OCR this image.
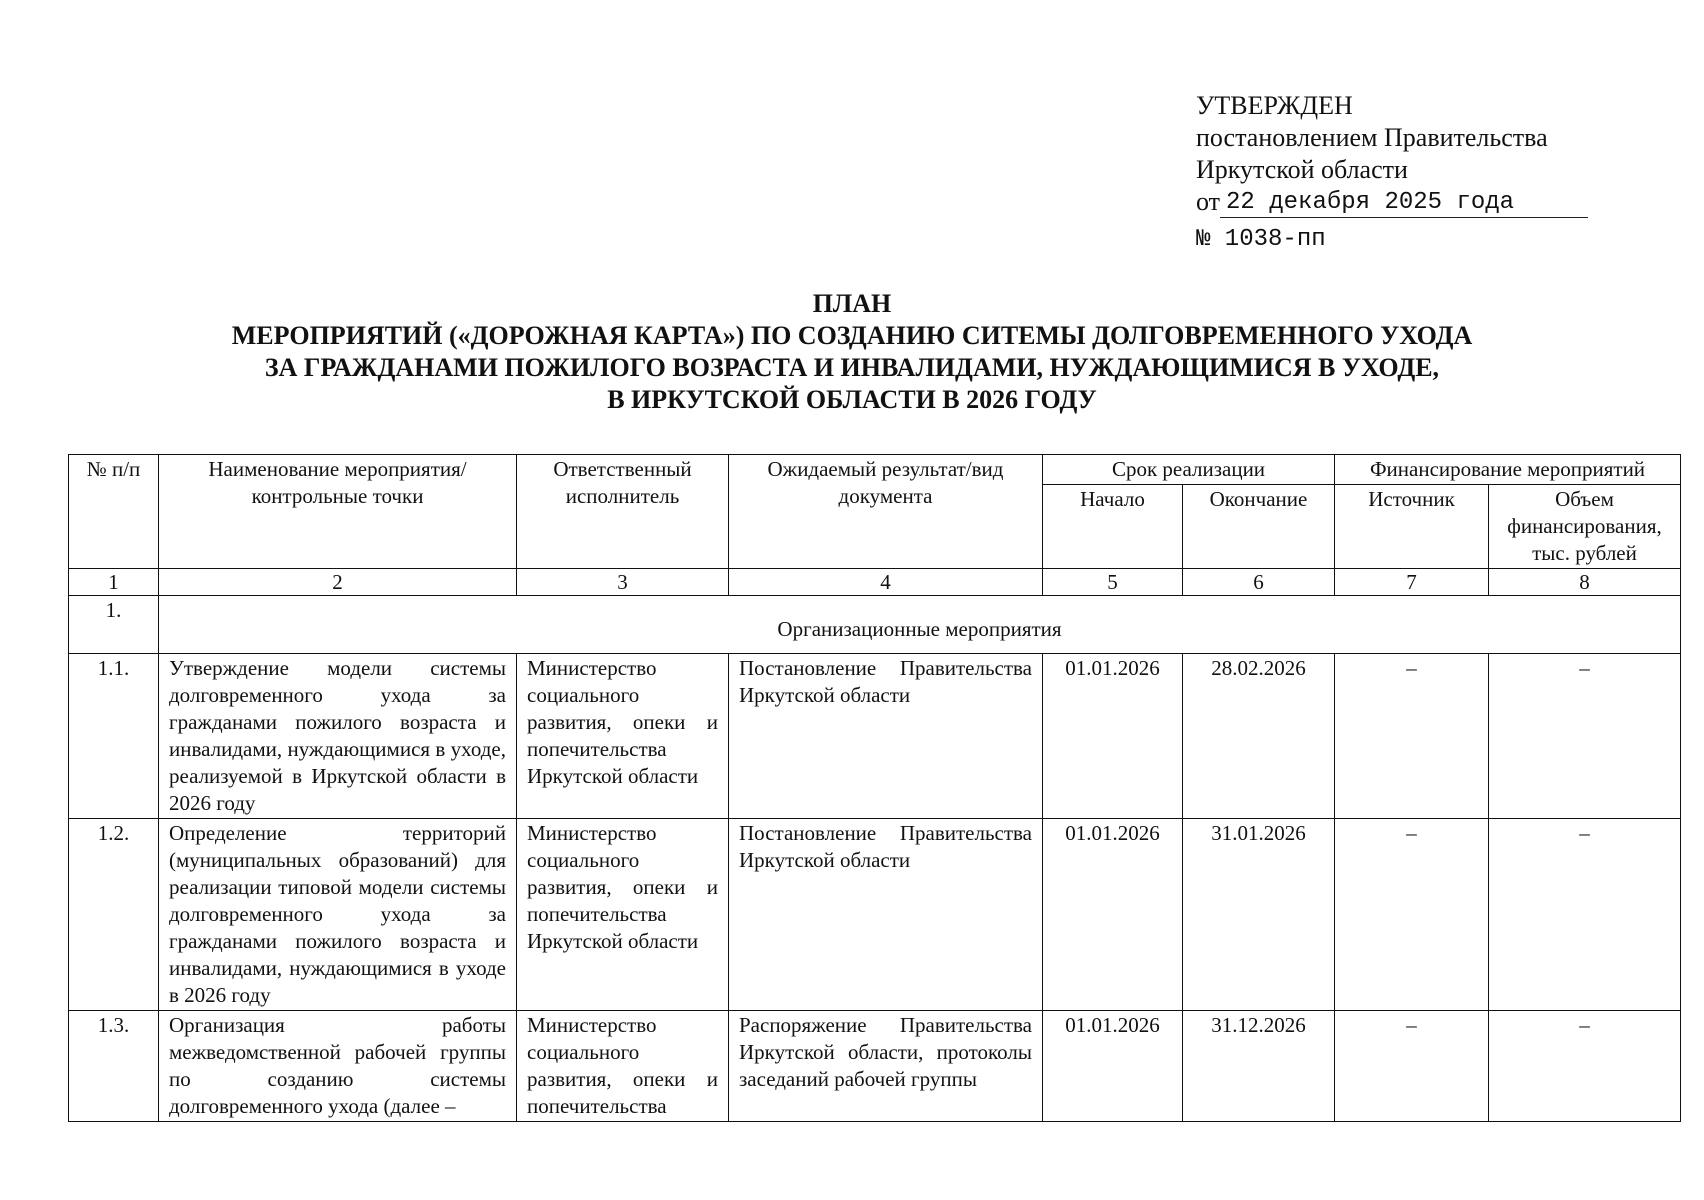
УТВЕРЖДЕН
постановлением Правительства
Иркутской области
от 22 декабря 2025 года
№ 1038-пп
ПЛАН
МЕРОПРИЯТИЙ («ДОРОЖНАЯ КАРТА») ПО СОЗДАНИЮ СИТЕМЫ ДОЛГОВРЕМЕННОГО УХОДА
ЗА ГРАЖДАНАМИ ПОЖИЛОГО ВОЗРАСТА И ИНВАЛИДАМИ, НУЖДАЮЩИМИСЯ В УХОДЕ,
В ИРКУТСКОЙ ОБЛАСТИ В 2026 ГОДУ
№ п/п	Наименование мероприятия/ контрольные точки	Ответственный исполнитель	Ожидаемый результат/вид документа	Срок реализации		Финансирование мероприятий	
				Начало	Окончание	Источник	Объем финансирования, тыс. рублей
1	2	3	4	5	6	7	8
1.	Организационные мероприятия						
1.1.	Утверждение модели системы долговременного ухода за гражданами пожилого возраста и инвалидами, нуждающимися в уходе, реализуемой в Иркутской области в 2026 году	Министерство социального развития, опеки и попечительства Иркутской области	Постановление Правительства Иркутской области	01.01.2026	28.02.2026	–	–
1.2.	Определение территорий (муниципальных образований) для реализации типовой модели системы долговременного ухода за гражданами пожилого возраста и инвалидами, нуждающимися в уходе в 2026 году	Министерство социального развития, опеки и попечительства Иркутской области	Постановление Правительства Иркутской области	01.01.2026	31.01.2026	–	–
1.3.	Организация работы межведомственной рабочей группы по созданию системы долговременного ухода (далее –	Министерство социального развития, опеки и попечительства	Распоряжение Правительства Иркутской области, протоколы заседаний рабочей группы	01.01.2026	31.12.2026	–	–
